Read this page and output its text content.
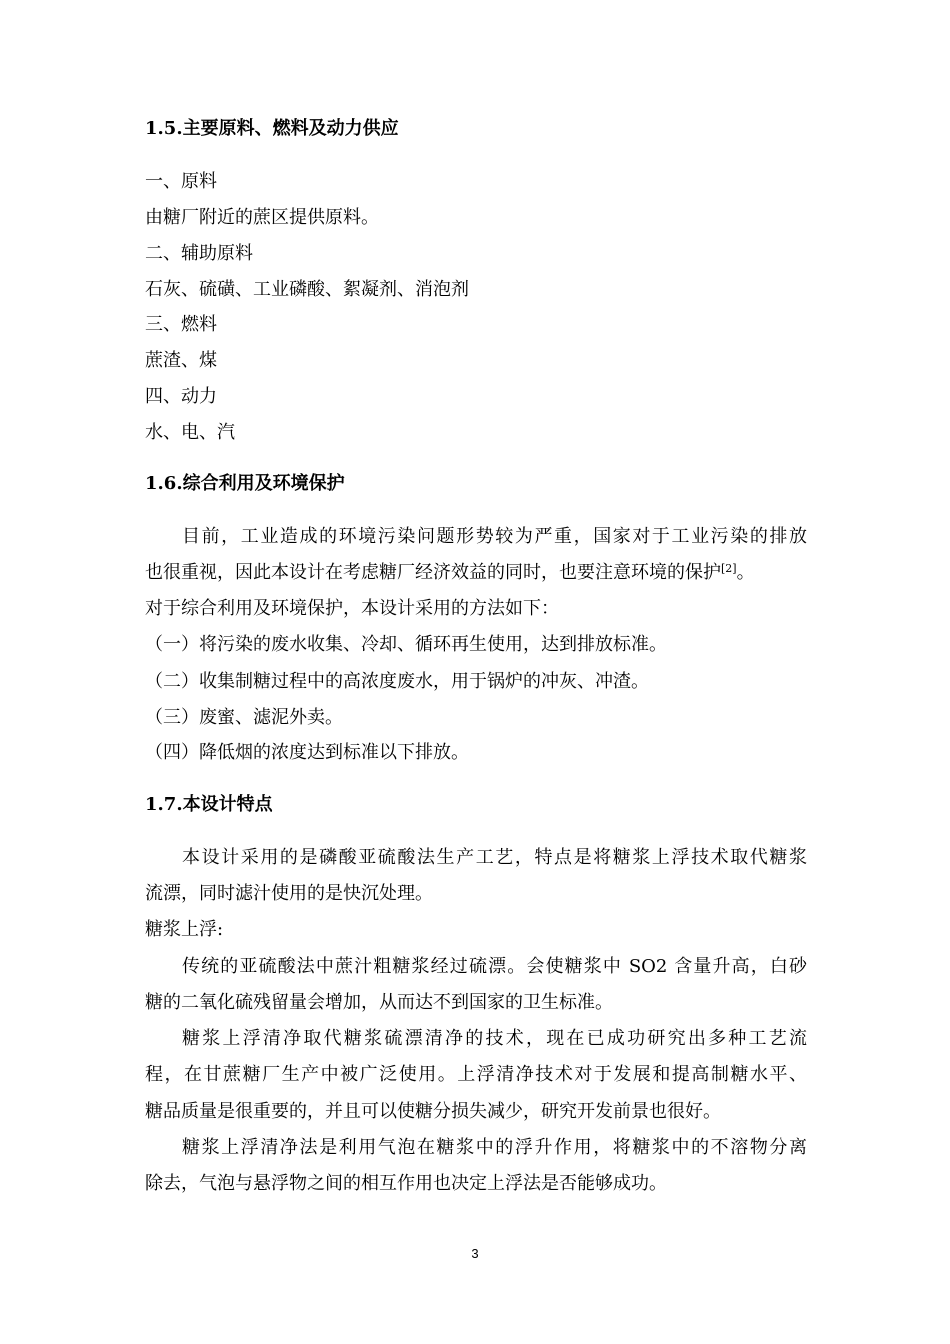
1.5.主要原料、燃料及动力供应
一、原料
由糖厂附近的蔗区提供原料。
二、辅助原料
石灰、硫磺、工业磷酸、絮凝剂、消泡剂
三、燃料
蔗渣、煤
四、动力
水、电、汽
1.6.综合利用及环境保护
目前，工业造成的环境污染问题形势较为严重，国家对于工业污染的排放
也很重视，因此本设计在考虑糖厂经济效益的同时，也要注意环境的保护[2]。
对于综合利用及环境保护，本设计采用的方法如下：
（一）将污染的废水收集、冷却、循环再生使用，达到排放标准。
（二）收集制糖过程中的高浓度废水，用于锅炉的冲灰、冲渣。
（三）废蜜、滤泥外卖。
（四）降低烟的浓度达到标准以下排放。
1.7.本设计特点
本设计采用的是磷酸亚硫酸法生产工艺，特点是将糖浆上浮技术取代糖浆
流漂，同时滤汁使用的是快沉处理。
糖浆上浮:
传统的亚硫酸法中蔗汁粗糖浆经过硫漂。会使糖浆中 SO2 含量升高，白砂
糖的二氧化硫残留量会增加，从而达不到国家的卫生标准。
糖浆上浮清净取代糖浆硫漂清净的技术，现在已成功研究出多种工艺流
程，在甘蔗糖厂生产中被广泛使用。上浮清净技术对于发展和提高制糖水平、
糖品质量是很重要的，并且可以使糖分损失减少，研究开发前景也很好。
糖浆上浮清净法是利用气泡在糖浆中的浮升作用，将糖浆中的不溶物分离
除去，气泡与悬浮物之间的相互作用也决定上浮法是否能够成功。
3
